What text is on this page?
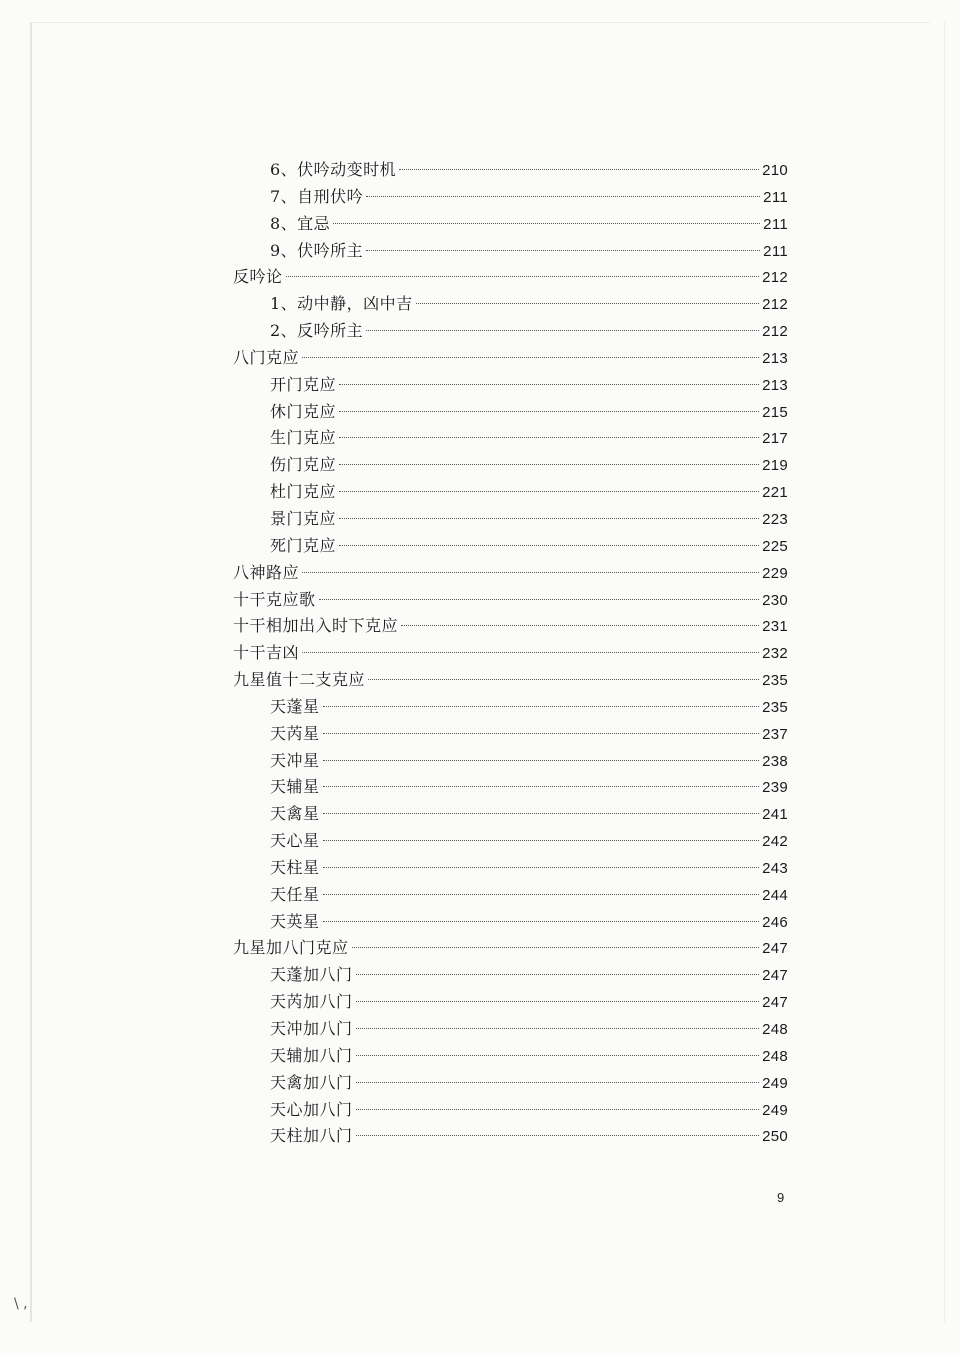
6、伏吟动变时机	210
7、自刑伏吟	211
8、宜忌	211
9、伏吟所主	211
反吟论	212
1、动中静，凶中吉	212
2、反吟所主	212
八门克应	213
开门克应	213
休门克应	215
生门克应	217
伤门克应	219
杜门克应	221
景门克应	223
死门克应	225
八神路应	229
十干克应歌	230
十干相加出入时下克应	231
十干吉凶	232
九星值十二支克应	235
天蓬星	235
天芮星	237
天冲星	238
天辅星	239
天禽星	241
天心星	242
天柱星	243
天任星	244
天英星	246
九星加八门克应	247
天蓬加八门	247
天芮加八门	247
天冲加八门	248
天辅加八门	248
天禽加八门	249
天心加八门	249
天柱加八门	250
9
\ ,
